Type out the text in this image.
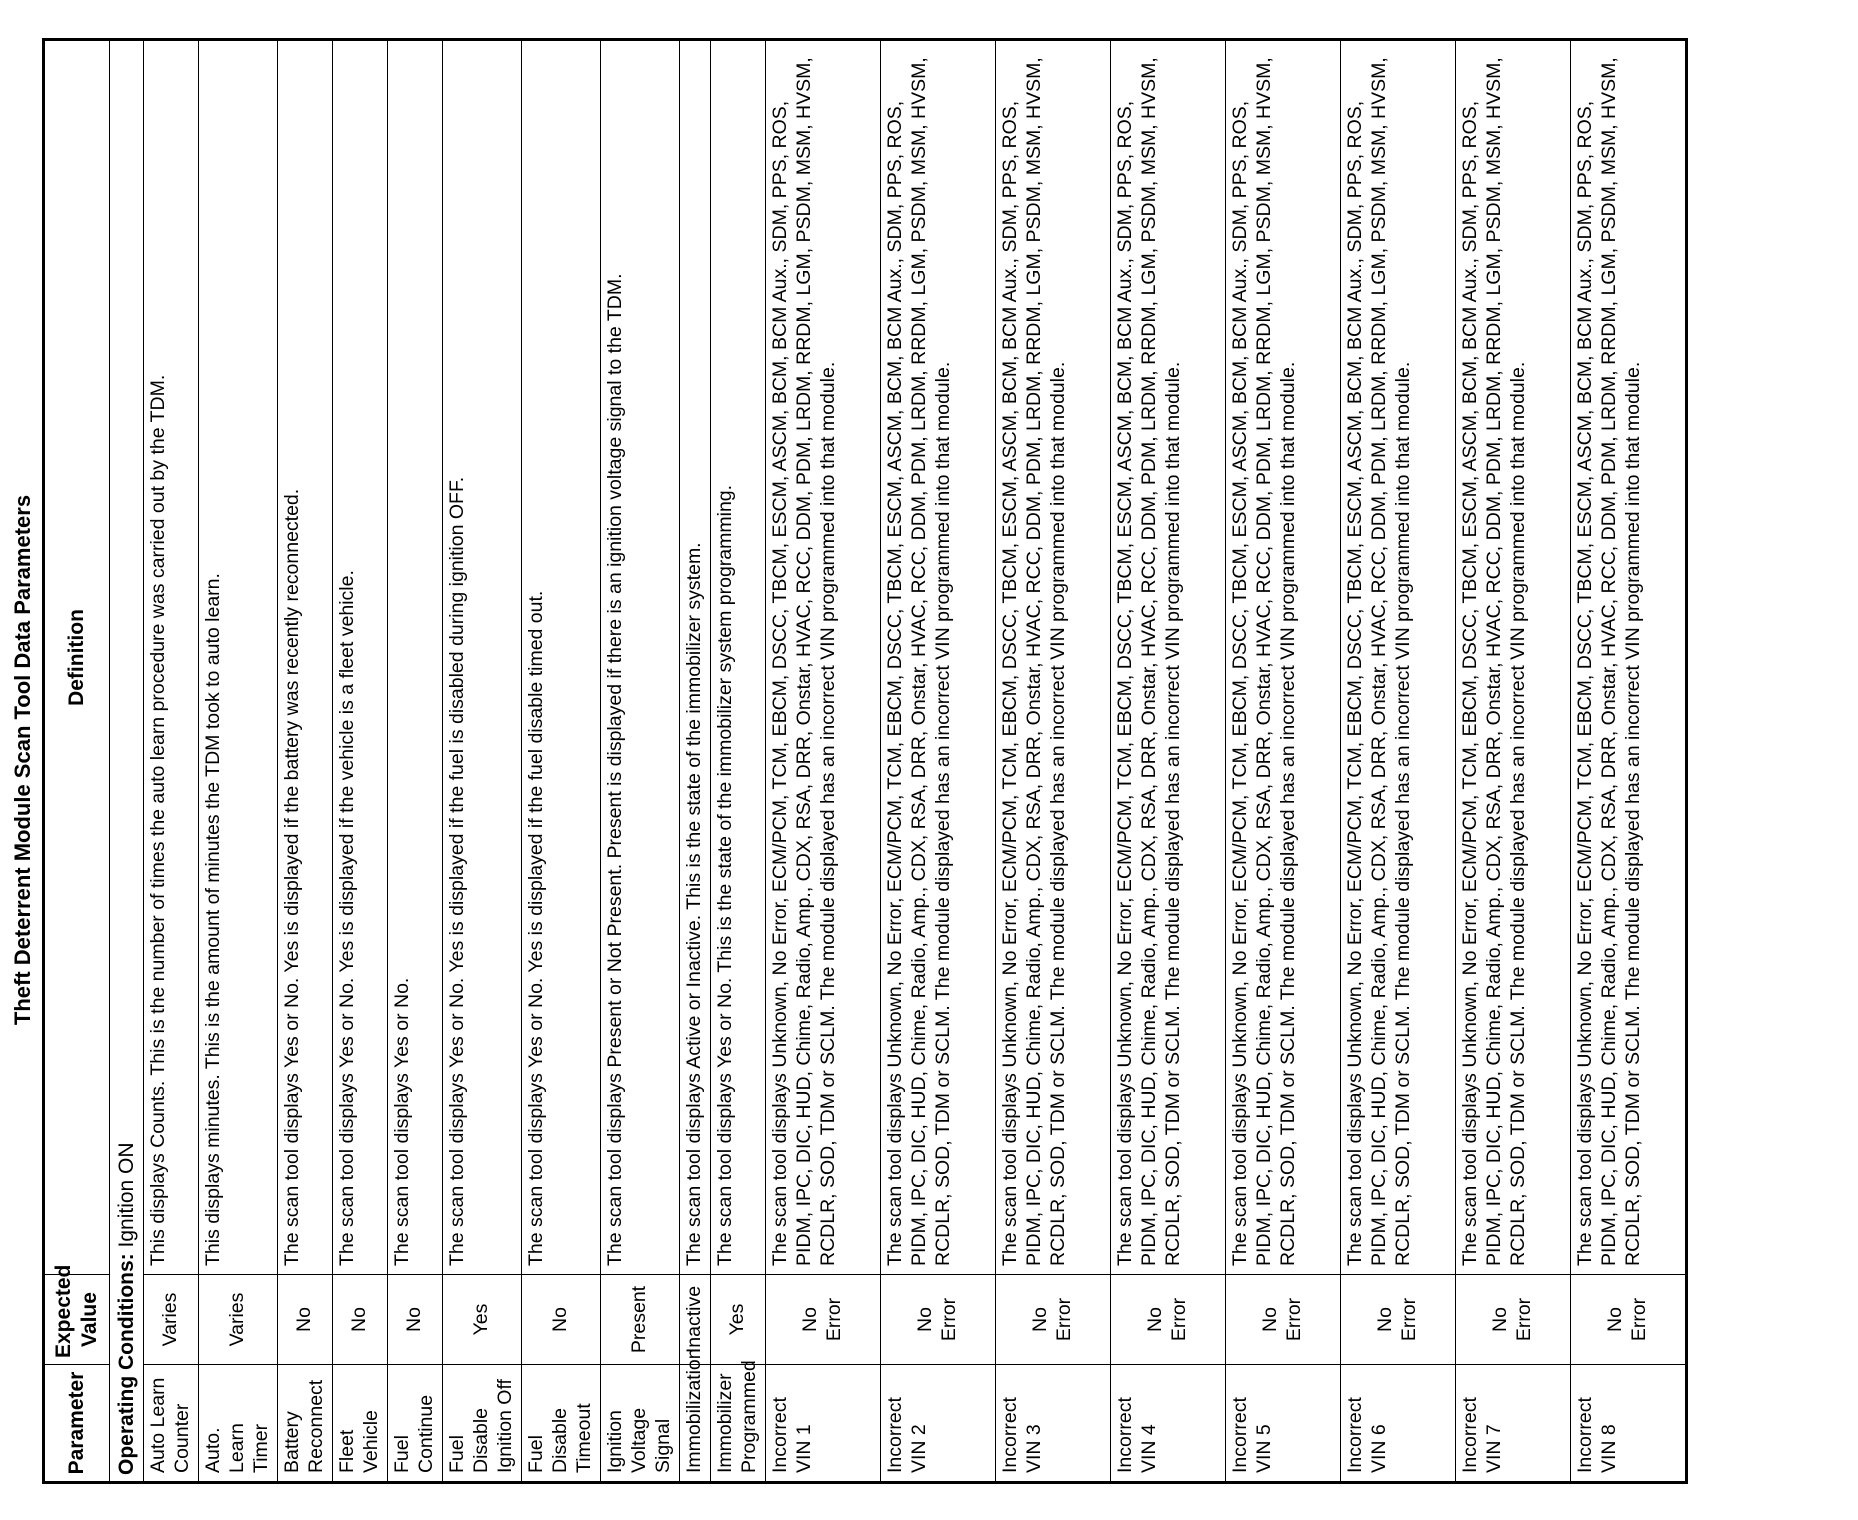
Theft Deterrent Module Scan Tool Data Parameters
Parameter	Expected Value	Definition
Operating Conditions: Ignition ON		
Auto Learn Counter	Varies	This displays Counts. This is the number of times the auto learn procedure was carried out by the TDM.
Auto. Learn Timer	Varies	This displays minutes. This is the amount of minutes the TDM took to auto learn.
Battery Reconnect	No	The scan tool displays Yes or No. Yes is displayed if the battery was recently reconnected.
Fleet Vehicle	No	The scan tool displays Yes or No. Yes is displayed if the vehicle is a fleet vehicle.
Fuel Continue	No	The scan tool displays Yes or No.
Fuel Disable Ignition Off	Yes	The scan tool displays Yes or No. Yes is displayed if the fuel is disabled during ignition OFF.
Fuel Disable Timeout	No	The scan tool displays Yes or No. Yes is displayed if the fuel disable timed out.
Ignition Voltage Signal	Present	The scan tool displays Present or Not Present. Present is displayed if there is an ignition voltage signal to the TDM.
Immobilization	Inactive	The scan tool displays Active or Inactive. This is the state of the immobilizer system.
Immobilizer Programmed	Yes	The scan tool displays Yes or No. This is the state of the immobilizer system programming.
Incorrect VIN 1	No Error	The scan tool displays Unknown, No Error, ECM/PCM, TCM, EBCM, DSCC, TBCM, ESCM, ASCM, BCM, BCM Aux., SDM, PPS, ROS, PIDM, IPC, DIC, HUD, Chime, Radio, Amp., CDX, RSA, DRR, Onstar, HVAC, RCC, DDM, PDM, LRDM, RRDM, LGM, PSDM, MSM, HVSM, RCDLR, SOD, TDM or SCLM. The module displayed has an incorrect VIN programmed into that module.
Incorrect VIN 2	No Error	The scan tool displays Unknown, No Error, ECM/PCM, TCM, EBCM, DSCC, TBCM, ESCM, ASCM, BCM, BCM Aux., SDM, PPS, ROS, PIDM, IPC, DIC, HUD, Chime, Radio, Amp., CDX, RSA, DRR, Onstar, HVAC, RCC, DDM, PDM, LRDM, RRDM, LGM, PSDM, MSM, HVSM, RCDLR, SOD, TDM or SCLM. The module displayed has an incorrect VIN programmed into that module.
Incorrect VIN 3	No Error	The scan tool displays Unknown, No Error, ECM/PCM, TCM, EBCM, DSCC, TBCM, ESCM, ASCM, BCM, BCM Aux., SDM, PPS, ROS, PIDM, IPC, DIC, HUD, Chime, Radio, Amp., CDX, RSA, DRR, Onstar, HVAC, RCC, DDM, PDM, LRDM, RRDM, LGM, PSDM, MSM, HVSM, RCDLR, SOD, TDM or SCLM. The module displayed has an incorrect VIN programmed into that module.
Incorrect VIN 4	No Error	The scan tool displays Unknown, No Error, ECM/PCM, TCM, EBCM, DSCC, TBCM, ESCM, ASCM, BCM, BCM Aux., SDM, PPS, ROS, PIDM, IPC, DIC, HUD, Chime, Radio, Amp., CDX, RSA, DRR, Onstar, HVAC, RCC, DDM, PDM, LRDM, RRDM, LGM, PSDM, MSM, HVSM, RCDLR, SOD, TDM or SCLM. The module displayed has an incorrect VIN programmed into that module.
Incorrect VIN 5	No Error	The scan tool displays Unknown, No Error, ECM/PCM, TCM, EBCM, DSCC, TBCM, ESCM, ASCM, BCM, BCM Aux., SDM, PPS, ROS, PIDM, IPC, DIC, HUD, Chime, Radio, Amp., CDX, RSA, DRR, Onstar, HVAC, RCC, DDM, PDM, LRDM, RRDM, LGM, PSDM, MSM, HVSM, RCDLR, SOD, TDM or SCLM. The module displayed has an incorrect VIN programmed into that module.
Incorrect VIN 6	No Error	The scan tool displays Unknown, No Error, ECM/PCM, TCM, EBCM, DSCC, TBCM, ESCM, ASCM, BCM, BCM Aux., SDM, PPS, ROS, PIDM, IPC, DIC, HUD, Chime, Radio, Amp., CDX, RSA, DRR, Onstar, HVAC, RCC, DDM, PDM, LRDM, RRDM, LGM, PSDM, MSM, HVSM, RCDLR, SOD, TDM or SCLM. The module displayed has an incorrect VIN programmed into that module.
Incorrect VIN 7	No Error	The scan tool displays Unknown, No Error, ECM/PCM, TCM, EBCM, DSCC, TBCM, ESCM, ASCM, BCM, BCM Aux., SDM, PPS, ROS, PIDM, IPC, DIC, HUD, Chime, Radio, Amp., CDX, RSA, DRR, Onstar, HVAC, RCC, DDM, PDM, LRDM, RRDM, LGM, PSDM, MSM, HVSM, RCDLR, SOD, TDM or SCLM. The module displayed has an incorrect VIN programmed into that module.
Incorrect VIN 8	No Error	The scan tool displays Unknown, No Error, ECM/PCM, TCM, EBCM, DSCC, TBCM, ESCM, ASCM, BCM, BCM Aux., SDM, PPS, ROS, PIDM, IPC, DIC, HUD, Chime, Radio, Amp., CDX, RSA, DRR, Onstar, HVAC, RCC, DDM, PDM, LRDM, RRDM, LGM, PSDM, MSM, HVSM, RCDLR, SOD, TDM or SCLM. The module displayed has an incorrect VIN programmed into that module.
